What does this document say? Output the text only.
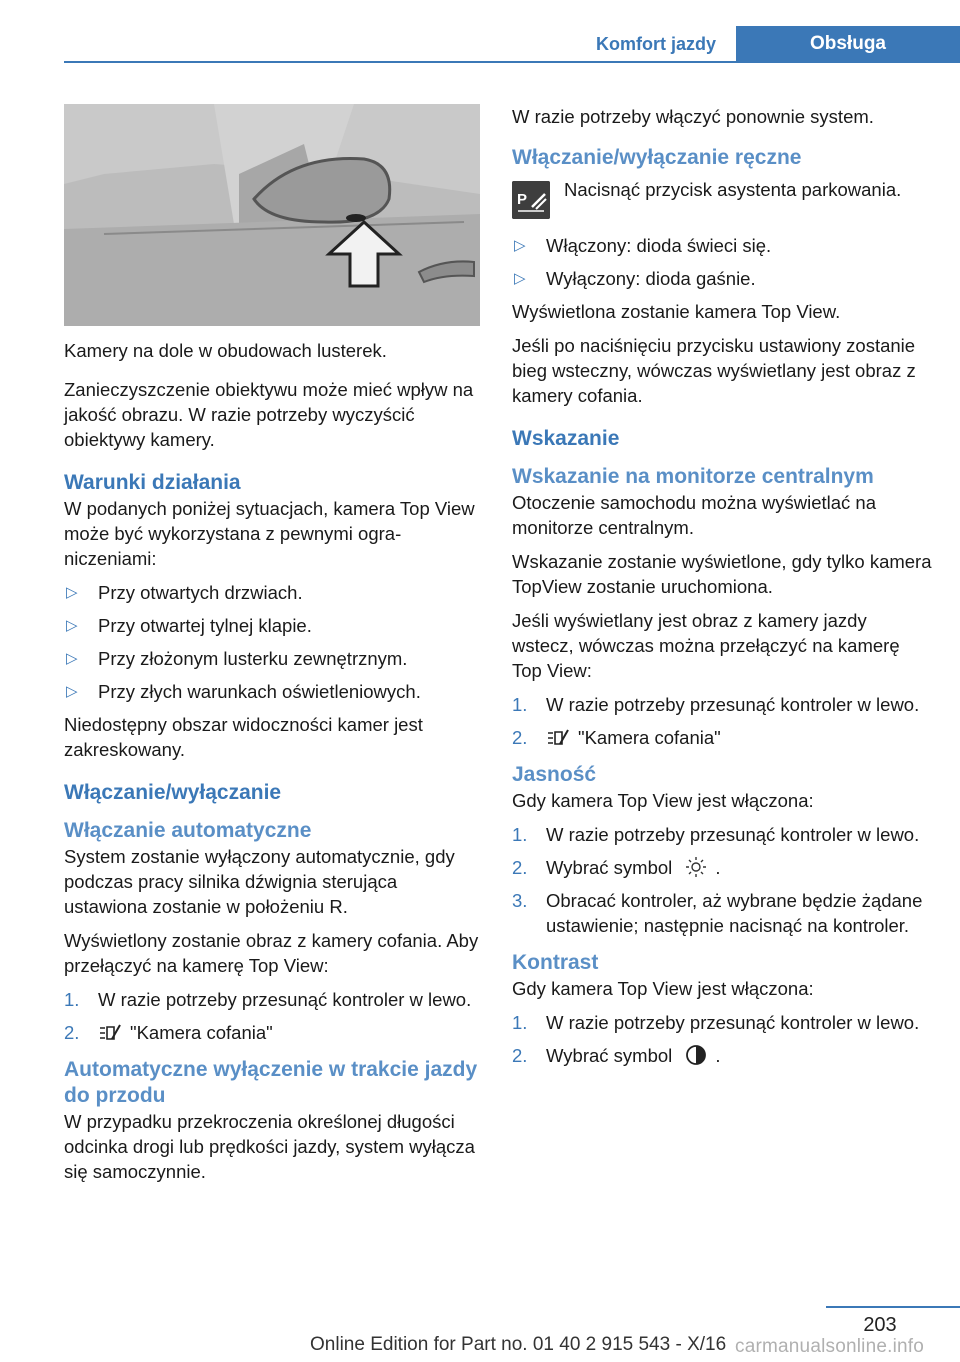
Komfort jazdy	Obsługa

Kamery na dole w obudowach lusterek.

Zanieczyszczenie obiektywu może mieć wpływ na jakość obrazu. W razie potrzeby wyczyścić obiektywy kamery.

Warunki działania

W podanych poniżej sytuacjach, kamera Top View może być wykorzystana z pewnymi ograniczeniami:

▷ Przy otwartych drzwiach.
▷ Przy otwartej tylnej klapie.
▷ Przy złożonym lusterku zewnętrznym.
▷ Przy złych warunkach oświetleniowych.

Niedostępny obszar widoczności kamer jest zakreskowany.

Włączanie/wyłączanie
Włączanie automatyczne

System zostanie wyłączony automatycznie, gdy podczas pracy silnika dźwignia sterująca ustawiona zostanie w położeniu R.

Wyświetlony zostanie obraz z kamery cofania. Aby przełączyć na kamerę Top View:

1. W razie potrzeby przesunąć kontroler w lewo.
2.	"Kamera cofania"
Automatyczne wyłączenie w trakcie jazdy do przodu

W przypadku przekroczenia określonej długości odcinka drogi lub prędkości jazdy, system wyłącza się samoczynnie.

W razie potrzeby włączyć ponownie system.

Włączanie/wyłączanie ręczne
P Nacisnąć przycisk asystenta parkowania.
▷ Włączony: dioda świeci się.
▷ Wyłączony: dioda gaśnie.

Wyświetlona zostanie kamera Top View.

Jeśli po naciśnięciu przycisku ustawiony zostanie bieg wsteczny, wówczas wyświetlany jest obraz z kamery cofania.

Wskazanie
Wskazanie na monitorze centralnym

Otoczenie samochodu można wyświetlać na monitorze centralnym.

Wskazanie zostanie wyświetlone, gdy tylko kamera TopView zostanie uruchomiona.

Jeśli wyświetlany jest obraz z kamery jazdy wstecz, wówczas można przełączyć na kamerę Top View:

1. W razie potrzeby przesunąć kontroler w lewo.
2.	"Kamera cofania"
Jasność

Gdy kamera Top View jest włączona:

1. W razie potrzeby przesunąć kontroler w lewo.
2. Wybrać symbol .
3. Obracać kontroler, aż wybrane będzie żądane ustawienie; następnie nacisnąć na kontroler.
Kontrast

Gdy kamera Top View jest włączona:

1. W razie potrzeby przesunąć kontroler w lewo.
2. Wybrać symbol .
203
Online Edition for Part no. 01 40 2 915 543 - X/16 carmanualsonline.info
